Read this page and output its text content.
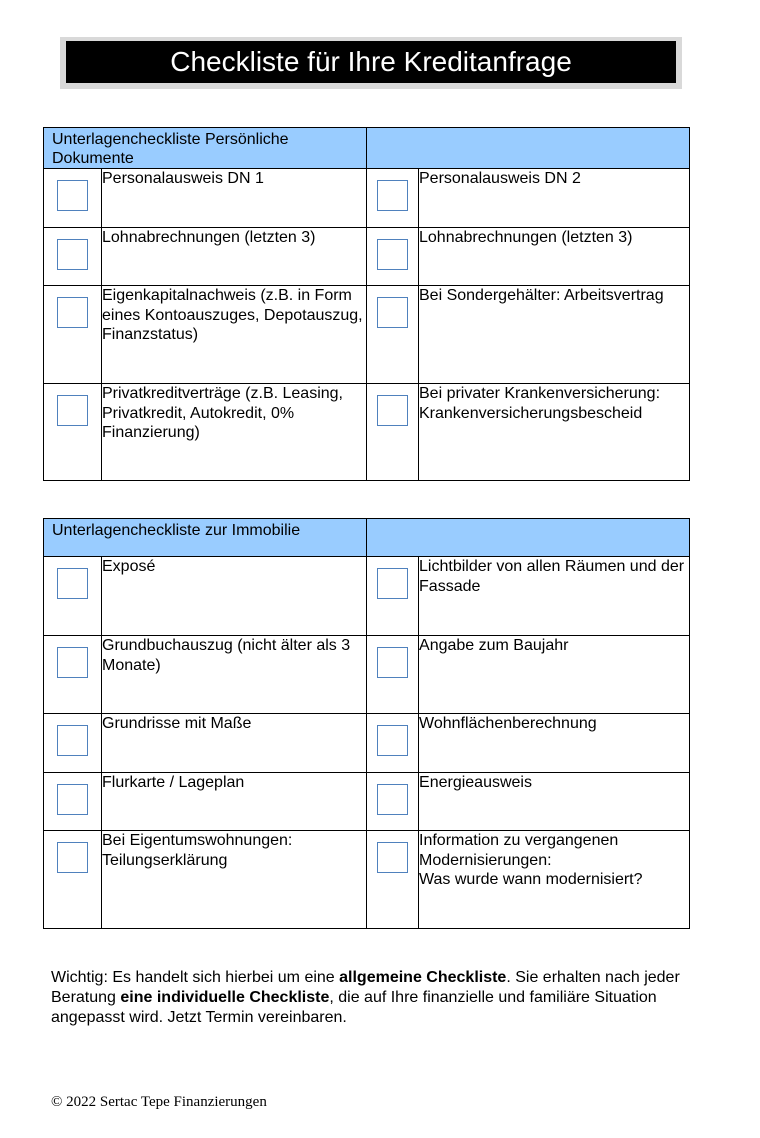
Checkliste für Ihre Kreditanfrage
Unterlagencheckliste Persönliche Dokumente			

	Personalausweis DN 1		Personalausweis DN 2

	Lohnabrechnungen (letzten 3)		Lohnabrechnungen (letzten 3)

	Eigenkapitalnachweis (z.B. in Form eines Kontoauszuges, Depotauszug, Finanzstatus)		Bei Sondergehälter: Arbeitsvertrag

	Privatkreditverträge (z.B. Leasing, Privatkredit, Autokredit, 0% Finanzierung)		Bei privater Krankenversicherung: Krankenversicherungsbescheid
Unterlagencheckliste zur Immobilie			

	Exposé		Lichtbilder von allen Räumen und der Fassade

	Grundbuchauszug (nicht älter als 3 Monate)		Angabe zum Baujahr

	Grundrisse mit Maße		Wohnflächenberechnung

	Flurkarte / Lageplan		Energieausweis

	Bei Eigentumswohnungen: Teilungserklärung		Information zu vergangenen Modernisierungen:
Was wurde wann modernisiert?
Wichtig: Es handelt sich hierbei um eine allgemeine Checkliste. Sie erhalten nach jeder Beratung eine individuelle Checkliste, die auf Ihre finanzielle und familiäre Situation angepasst wird. Jetzt Termin vereinbaren.
© 2022 Sertac Tepe Finanzierungen
